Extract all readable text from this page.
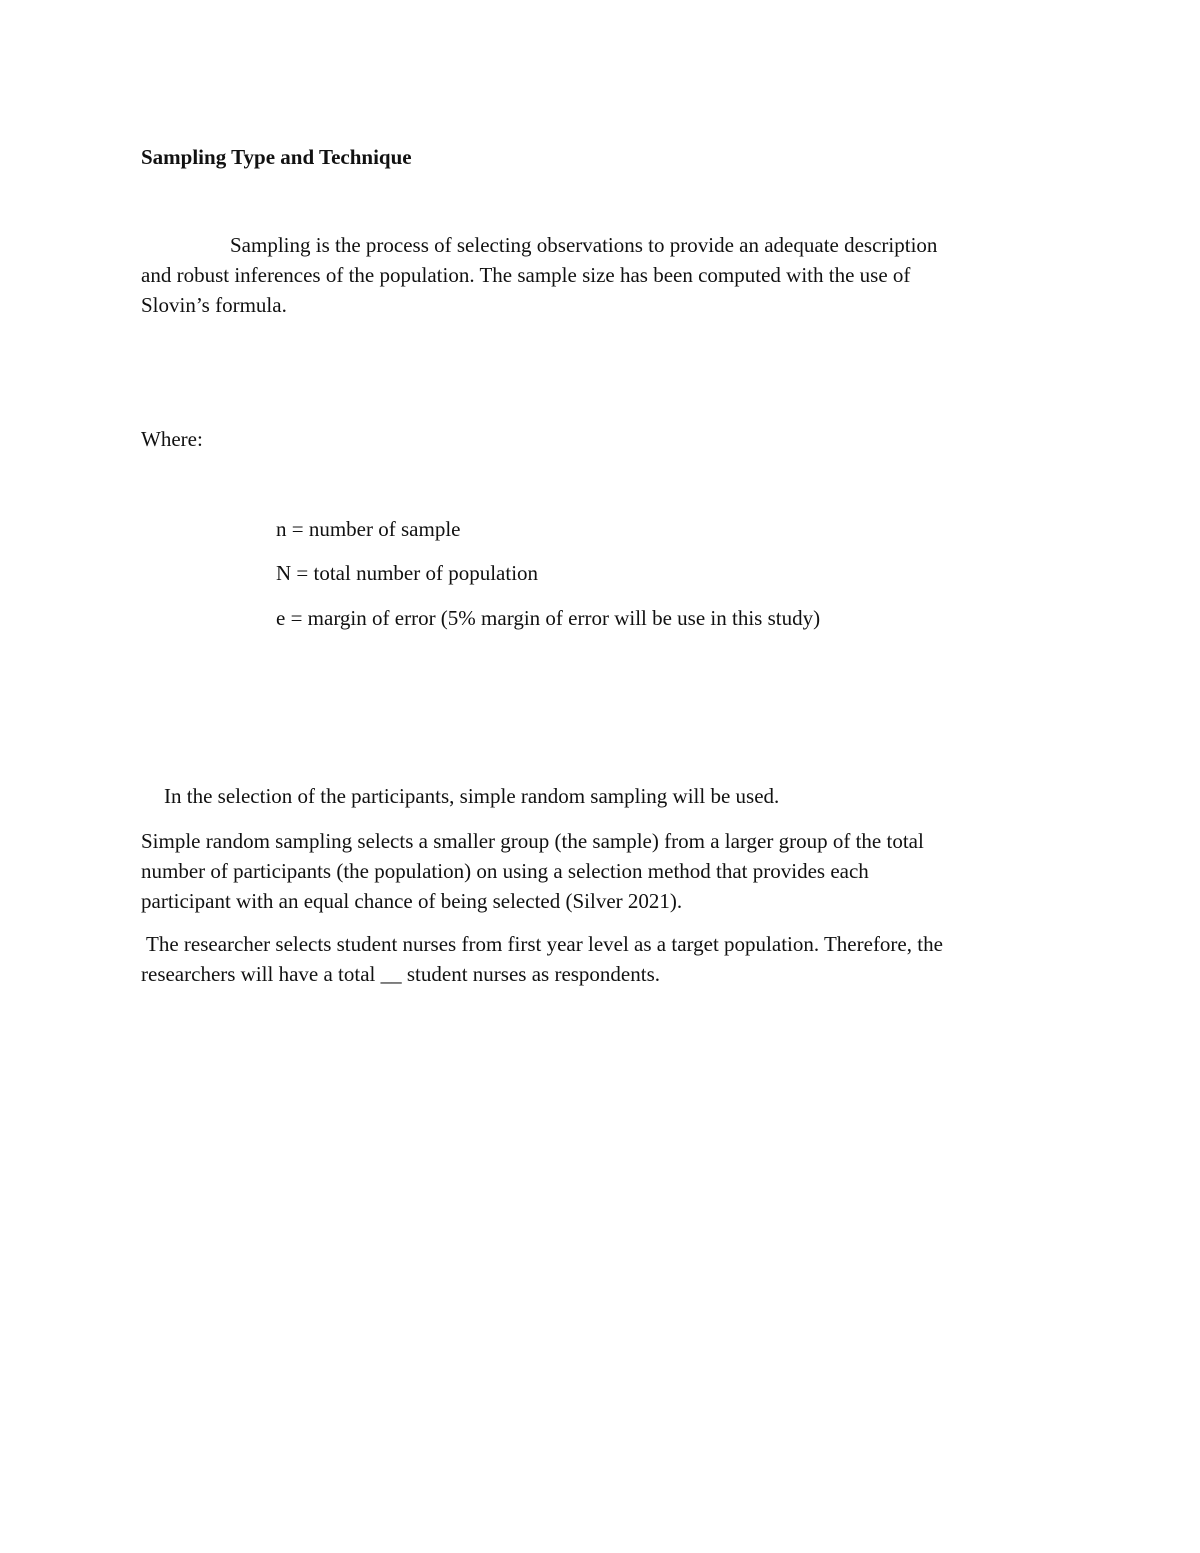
Sampling Type and Technique

Sampling is the process of selecting observations to provide an adequate description

and robust inferences of the population. The sample size has been computed with the use of

Slovin’s formula.

Where:

n = number of sample

N = total number of population

e = margin of error (5% margin of error will be use in this study)

In the selection of the participants, simple random sampling will be used.

Simple random sampling selects a smaller group (the sample) from a larger group of the total

number of participants (the population) on using a selection method that provides each

participant with an equal chance of being selected (Silver 2021).

The researcher selects student nurses from first year level as a target population. Therefore, the

researchers will have a total __ student nurses as respondents.
